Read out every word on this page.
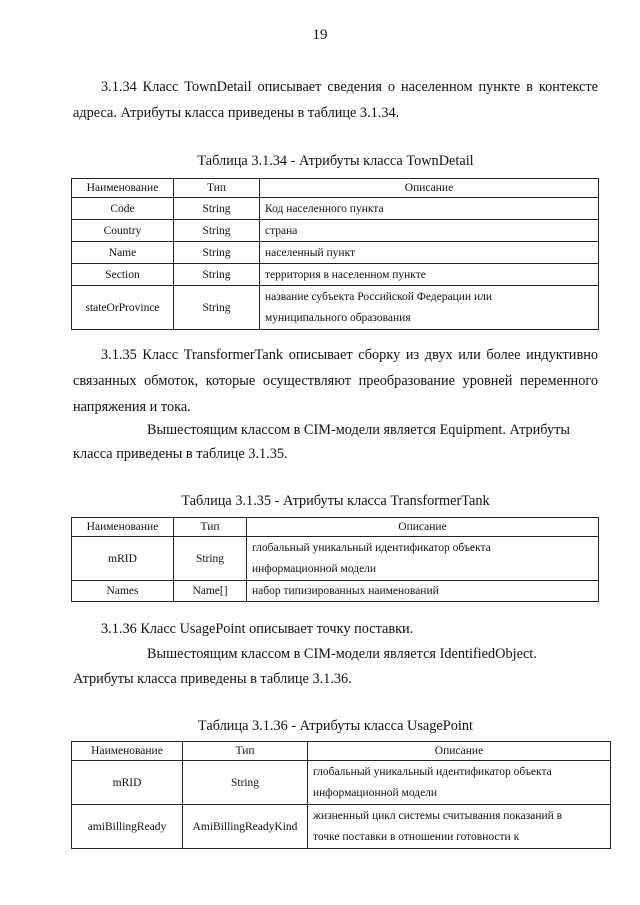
19
3.1.34 Класс TownDetail описывает сведения о населенном пункте в контексте адреса. Атрибуты класса приведены в таблице 3.1.34.
Таблица 3.1.34 - Атрибуты класса TownDetail
Наименование	Тип	Описание
Code	String	Код населенного пункта
Country	String	страна
Name	String	населенный пункт
Section	String	территория в населенном пункте
stateOrProvince	String	название субъекта Российской Федерации или
муниципального образования
3.1.35 Класс TransformerTank описывает сборку из двух или более индуктивно связанных обмоток, которые осуществляют преобразование уровней переменного напряжения и тока.
Вышестоящим классом в CIM-модели является Equipment. Атрибуты
класса приведены в таблице 3.1.35.
Таблица 3.1.35 - Атрибуты класса TransformerTank
Наименование	Тип	Описание
mRID	String	глобальный уникальный идентификатор объекта
информационной модели

Names	Name[]	набор типизированных наименований
3.1.36 Класс UsagePoint описывает точку поставки.
Вышестоящим классом в CIM-модели является IdentifiedObject.
Атрибуты класса приведены в таблице 3.1.36.
Таблица 3.1.36 - Атрибуты класса UsagePoint
Наименование	Тип	Описание
mRID	String	глобальный уникальный идентификатор объекта
информационной модели

amiBillingReady	AmiBillingReadyKind	жизненный цикл системы считывания показаний в
точке поставки в отношении готовности к
